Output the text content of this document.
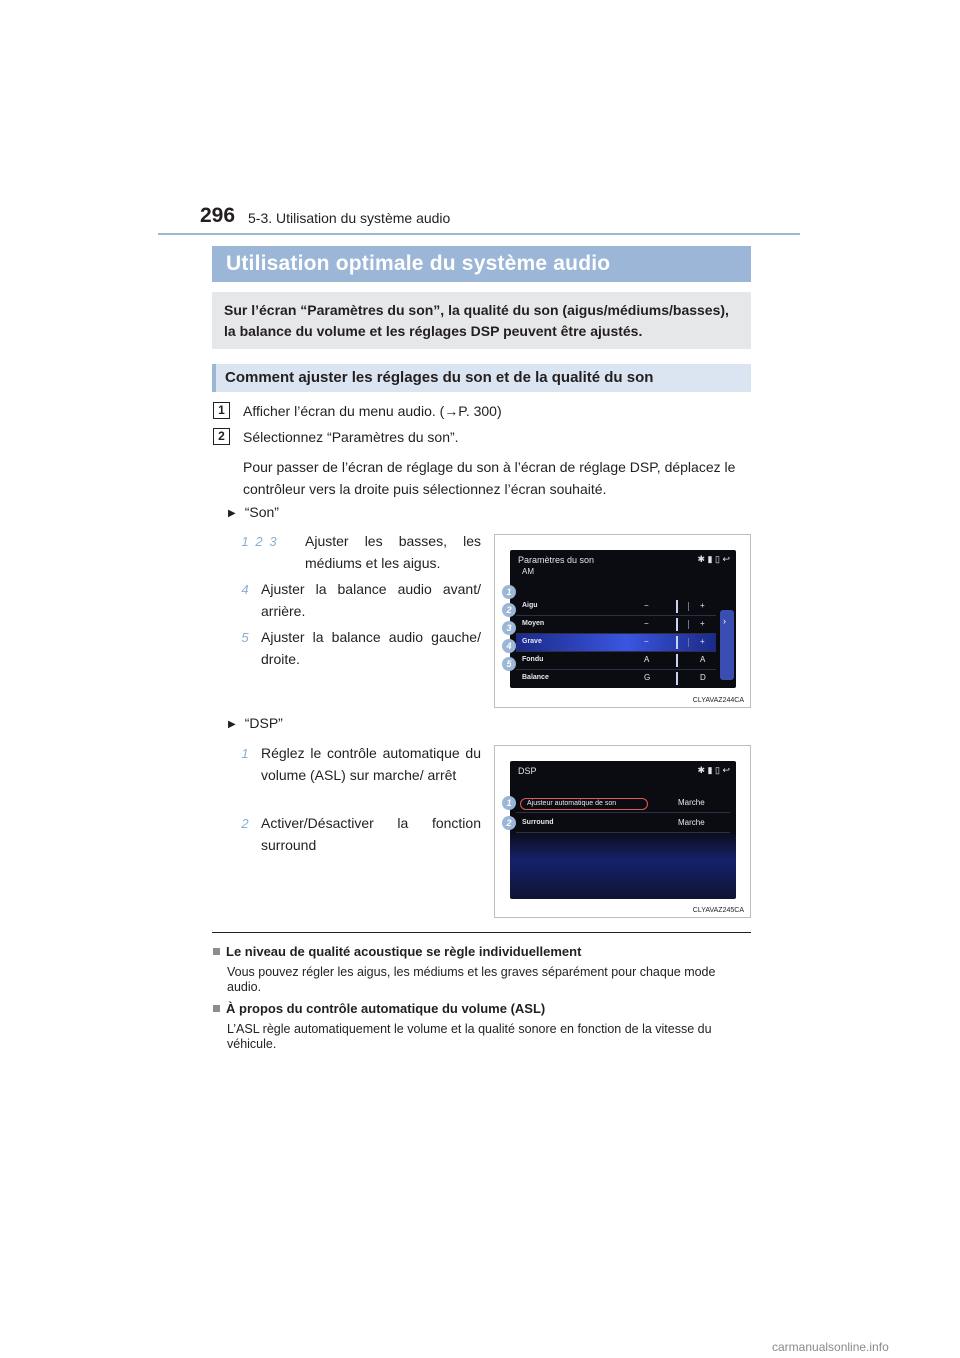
296 5-3. Utilisation du système audio
Utilisation optimale du système audio

Sur l’écran “Paramètres du son”, la qualité du son (aigus/médiums/basses), la balance du volume et les réglages DSP peuvent être ajustés.

Comment ajuster les réglages du son et de la qualité du son
1	Afficher l’écran du menu audio. (→P. 300)
2	Sélectionnez “Paramètres du son”.

Pour passer de l’écran de réglage du son à l’écran de réglage DSP, déplacez le contrôleur vers la droite puis sélectionnez l’écran souhaité.

▶ “Son”
1 2 3 Ajuster les basses, les médiums et les aigus.

4 Ajuster la balance audio avant/ arrière.

5 Ajuster la balance audio gauche/ droite.

Paramètres du son
AM
✱ ▮ ▯ ↩
Aigu	−	+
Moyen	−	+
Grave	−	+
Fondu	A	A
Balance	G	D
›
1
2
3
4
5
CLYAVAZ244CA
▶ “DSP”
1 Réglez le contrôle automatique du volume (ASL) sur marche/ arrêt

2 Activer/Désactiver la fonction surround

DSP	✱ ▮ ▯ ↩
Ajusteur automatique de son	Marche
Surround	Marche
1
2
CLYAVAZ245CA
Le niveau de qualité acoustique se règle individuellement

Vous pouvez régler les aigus, les médiums et les graves séparément pour chaque mode audio.

À propos du contrôle automatique du volume (ASL)

L’ASL règle automatiquement le volume et la qualité sonore en fonction de la vitesse du véhicule.

carmanualsonline.info
